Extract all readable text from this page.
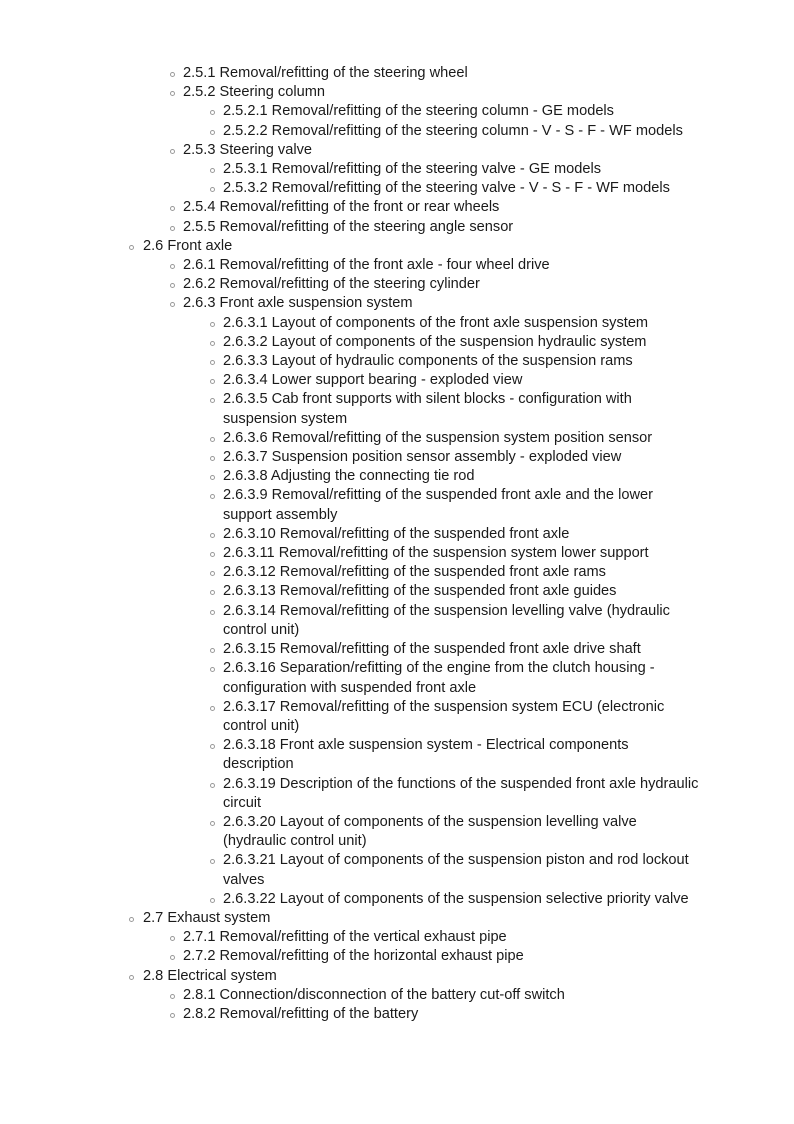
2.5.1 Removal/refitting of the steering wheel
2.5.2 Steering column
2.5.2.1 Removal/refitting of the steering column - GE models
2.5.2.2 Removal/refitting of the steering column - V - S - F - WF models
2.5.3 Steering valve
2.5.3.1 Removal/refitting of the steering valve - GE models
2.5.3.2 Removal/refitting of the steering valve - V - S - F - WF models
2.5.4 Removal/refitting of the front or rear wheels
2.5.5 Removal/refitting of the steering angle sensor
2.6 Front axle
2.6.1 Removal/refitting of the front axle - four wheel drive
2.6.2 Removal/refitting of the steering cylinder
2.6.3 Front axle suspension system
2.6.3.1 Layout of components of the front axle suspension system
2.6.3.2 Layout of components of the suspension hydraulic system
2.6.3.3 Layout of hydraulic components of the suspension rams
2.6.3.4 Lower support bearing - exploded view
2.6.3.5 Cab front supports with silent blocks - configuration with suspension system
2.6.3.6 Removal/refitting of the suspension system position sensor
2.6.3.7 Suspension position sensor assembly - exploded view
2.6.3.8 Adjusting the connecting tie rod
2.6.3.9 Removal/refitting of the suspended front axle and the lower support assembly
2.6.3.10 Removal/refitting of the suspended front axle
2.6.3.11 Removal/refitting of the suspension system lower support
2.6.3.12 Removal/refitting of the suspended front axle rams
2.6.3.13 Removal/refitting of the suspended front axle guides
2.6.3.14 Removal/refitting of the suspension levelling valve (hydraulic control unit)
2.6.3.15 Removal/refitting of the suspended front axle drive shaft
2.6.3.16 Separation/refitting of the engine from the clutch housing - configuration with suspended front axle
2.6.3.17 Removal/refitting of the suspension system ECU (electronic control unit)
2.6.3.18 Front axle suspension system - Electrical components description
2.6.3.19 Description of the functions of the suspended front axle hydraulic circuit
2.6.3.20 Layout of components of the suspension levelling valve (hydraulic control unit)
2.6.3.21 Layout of components of the suspension piston and rod lockout valves
2.6.3.22 Layout of components of the suspension selective priority valve
2.7 Exhaust system
2.7.1 Removal/refitting of the vertical exhaust pipe
2.7.2 Removal/refitting of the horizontal exhaust pipe
2.8 Electrical system
2.8.1 Connection/disconnection of the battery cut-off switch
2.8.2 Removal/refitting of the battery
